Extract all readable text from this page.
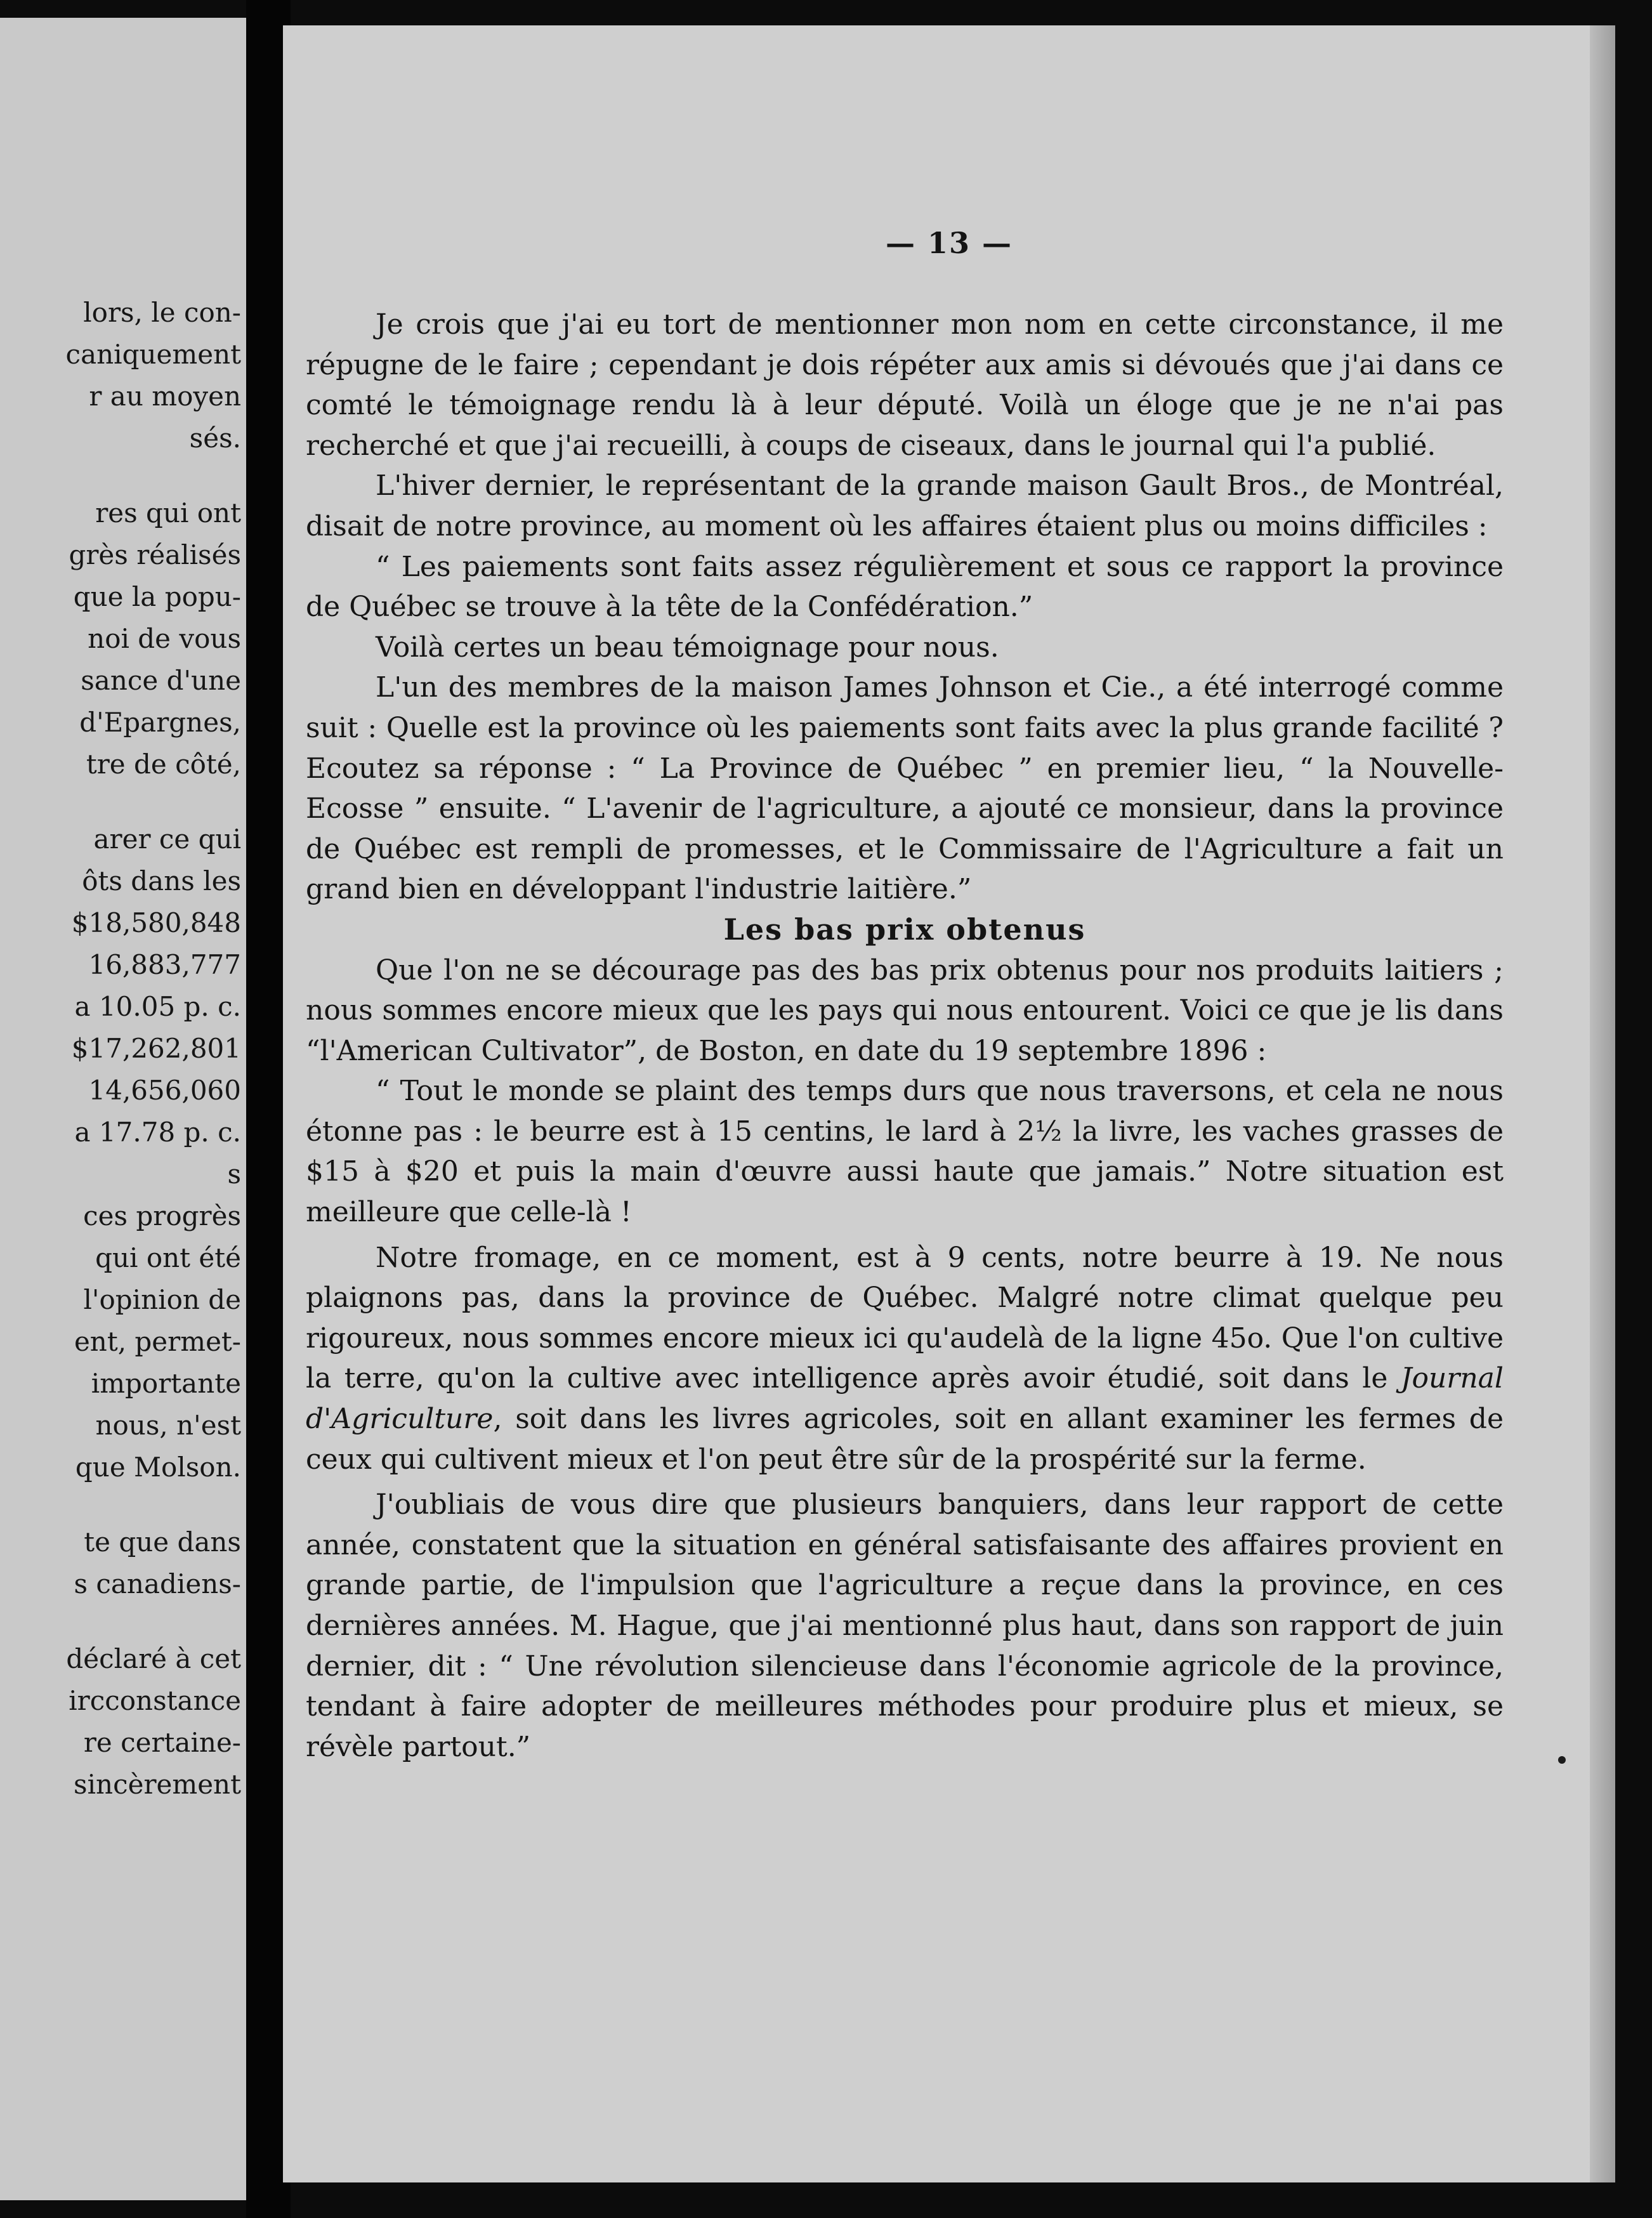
lors, le con-
caniquement
r au moyen
sés.
res qui ont
grès réalisés
que la popu-
noi de vous
sance d'une
d'Epargnes,
tre de côté,
arer ce qui
ôts dans les
$18,580,848
16,883,777
a 10.05 p. c.
$17,262,801
14,656,060
a 17.78 p. c.
s
ces progrès
qui ont été
l'opinion de
ent, permet-
importante
nous, n'est
que Molson.
te que dans
s canadiens-
déclaré à cet
ircconstance
re certaine-
sincèrement
— 13 —

Je crois que j'ai eu tort de mentionner mon nom en cette circonstance, il me répugne de le faire ; cependant je dois répéter aux amis si dévoués que j'ai dans ce comté le témoignage rendu là à leur député. Voilà un éloge que je ne n'ai pas recherché et que j'ai recueilli, à coups de ciseaux, dans le journal qui l'a publié.

L'hiver dernier, le représentant de la grande maison Gault Bros., de Montréal, disait de notre province, au moment où les affaires étaient plus ou moins difficiles :

“ Les paiements sont faits assez régulièrement et sous ce rapport la province de Québec se trouve à la tête de la Confédération.”

Voilà certes un beau témoignage pour nous.

L'un des membres de la maison James Johnson et Cie., a été interrogé comme suit : Quelle est la province où les paiements sont faits avec la plus grande facilité ? Ecoutez sa réponse : “ La Province de Québec ” en premier lieu, “ la Nouvelle-Ecosse ” ensuite. “ L'avenir de l'agriculture, a ajouté ce monsieur, dans la province de Québec est rempli de promesses, et le Commissaire de l'Agriculture a fait un grand bien en développant l'industrie laitière.”

Les bas prix obtenus

Que l'on ne se décourage pas des bas prix obtenus pour nos produits laitiers ; nous sommes encore mieux que les pays qui nous entourent. Voici ce que je lis dans “l'American Cultivator”, de Boston, en date du 19 septembre 1896 :

“ Tout le monde se plaint des temps durs que nous traversons, et cela ne nous étonne pas : le beurre est à 15 centins, le lard à 2½ la livre, les vaches grasses de $15 à $20 et puis la main d'œuvre aussi haute que jamais.” Notre situation est meilleure que celle-là !

Notre fromage, en ce moment, est à 9 cents, notre beurre à 19. Ne nous plaignons pas, dans la province de Québec. Malgré notre climat quelque peu rigoureux, nous sommes encore mieux ici qu'audelà de la ligne 45o. Que l'on cultive la terre, qu'on la cultive avec intelligence après avoir étudié, soit dans le Journal d'Agriculture, soit dans les livres agricoles, soit en allant examiner les fermes de ceux qui cultivent mieux et l'on peut être sûr de la prospérité sur la ferme.

J'oubliais de vous dire que plusieurs banquiers, dans leur rapport de cette année, constatent que la situation en général satisfaisante des affaires provient en grande partie, de l'impulsion que l'agriculture a reçue dans la province, en ces dernières années. M. Hague, que j'ai mentionné plus haut, dans son rapport de juin dernier, dit : “ Une révolution silencieuse dans l'économie agricole de la province, tendant à faire adopter de meilleures méthodes pour produire plus et mieux, se révèle partout.”
